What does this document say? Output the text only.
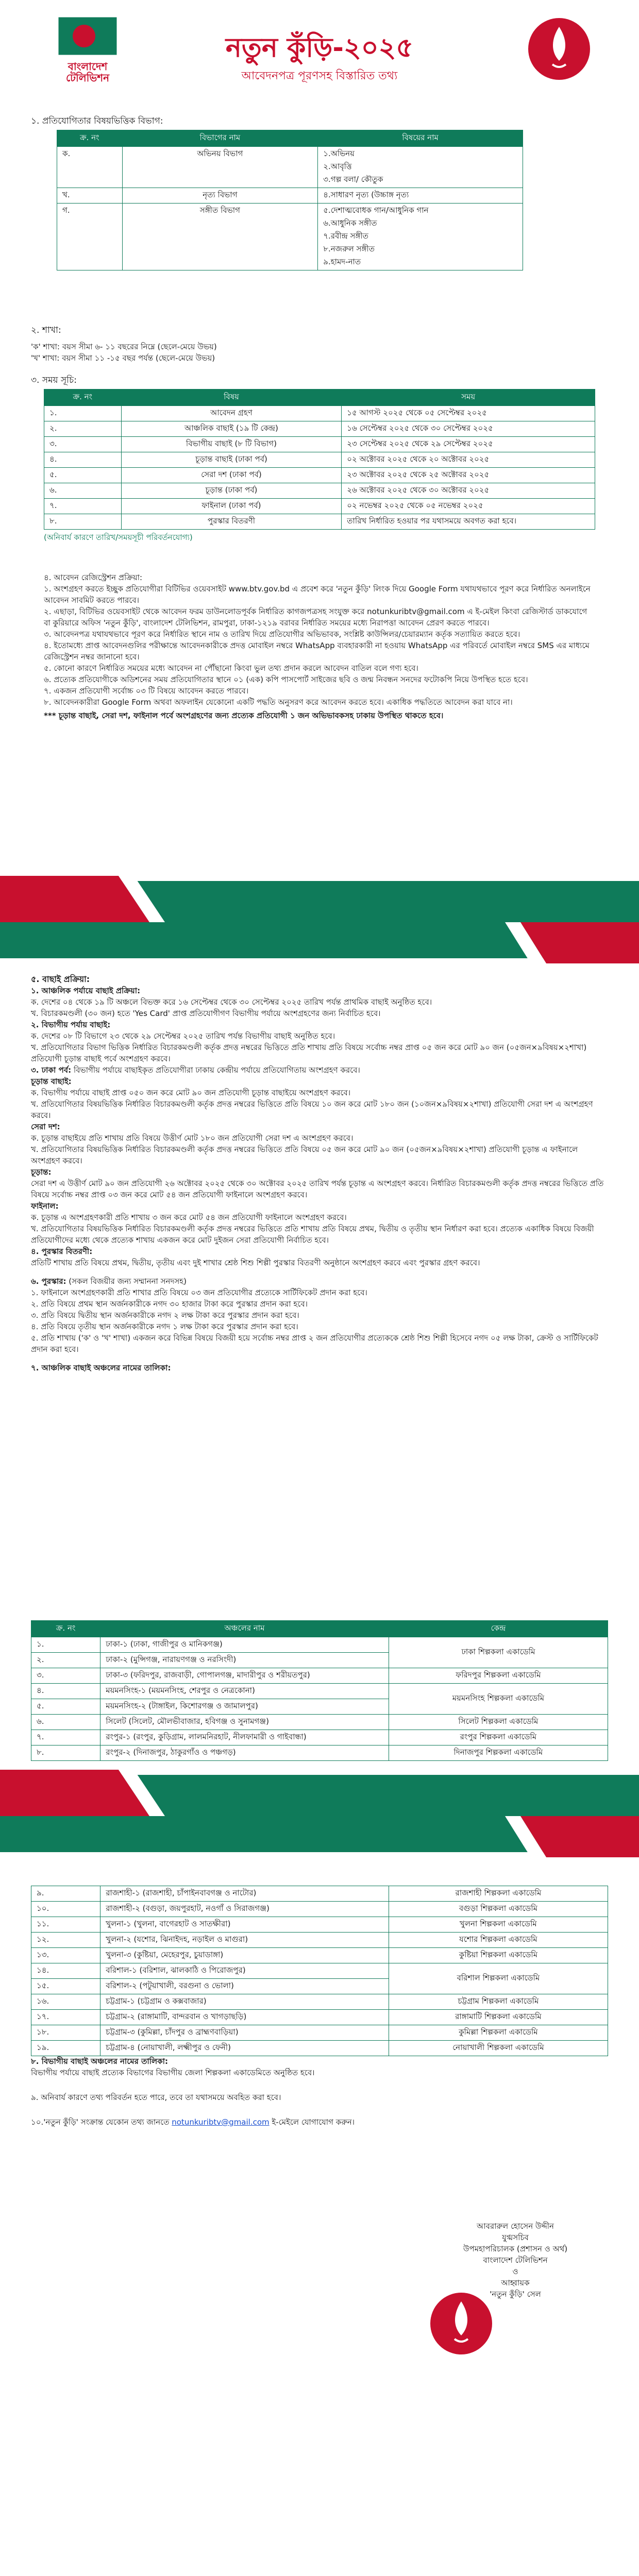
বাংলাদেশ টেলিভিশন
নতুন কুঁড়ি-২০২৫
আবেদনপত্র পূরণসহ বিস্তারিত তথ্য

১. প্রতিযোগিতার বিষয়ভিত্তিক বিভাগ:

ক্র. নং	বিভাগের নাম	বিষয়ের নাম
ক.	অভিনয় বিভাগ	১.অভিনয়
২.আবৃত্তি
৩.গল্প বলা/ কৌতুক

খ.	নৃত্য বিভাগ	৪.সাধারণ নৃত্য (উচ্চাঙ্গ নৃত্য
গ.	সঙ্গীত বিভাগ	৫.দেশাত্মবোধক গান/আধুনিক গান
৬.আধুনিক সঙ্গীত
৭.রবীন্দ্র সঙ্গীত
৮.নজরুল সঙ্গীত
৯.হামদ-নাত

২. শাখা:

'ক' শাখা: বয়স সীমা ৬- ১১ বছরের নিম্নে (ছেলে-মেয়ে উভয়)

'খ' শাখা: বয়স সীমা ১১ -১৫ বছর পর্যন্ত (ছেলে-মেয়ে উভয়)

৩. সময় সূচি:

ক্র. নং	বিষয়	সময়
১.	আবেদন গ্রহণ	১৫ আগস্ট ২০২৫ থেকে ০৫ সেপ্টেম্বর ২০২৫
২.	আঞ্চলিক বাছাই (১৯ টি কেন্দ্র)	১৬ সেপ্টেম্বর ২০২৫ থেকে ৩০ সেপ্টেম্বর ২০২৫
৩.	বিভাগীয় বাছাই (৮ টি বিভাগ)	২৩ সেপ্টেম্বর ২০২৫ থেকে ২৯ সেপ্টেম্বর ২০২৫
৪.	চূড়ান্ত বাছাই (ঢাকা পর্ব)	০২ অক্টোবর ২০২৫ থেকে ২০ অক্টোবর ২০২৫
৫.	সেরা দশ (ঢাকা পর্ব)	২৩ অক্টোবর ২০২৫ থেকে ২৫ অক্টোবর ২০২৫
৬.	চূড়ান্ত (ঢাকা পর্ব)	২৬ অক্টোবর ২০২৫ থেকে ৩০ অক্টোবর ২০২৫
৭.	ফাইনাল (ঢাকা পর্ব)	০২ নভেম্বর ২০২৫ থেকে ০৫ নভেম্বর ২০২৫
৮.	পুরস্কার বিতরণী	তারিখ নির্ধারিত হওয়ার পর যথাসময়ে অবগত করা হবে।

(অনিবার্য কারণে তারিখ/সময়সূচী পরিবর্তনযোগ্য)

৪. আবেদন রেজিস্ট্রেশন প্রক্রিয়া:
১. অংশগ্রহণ করতে ইচ্ছুক প্রতিযোগীরা বিটিভির ওয়েবসাইট www.btv.gov.bd এ প্রবেশ করে 'নতুন কুঁড়ি' লিংক দিয়ে Google Form যথাযথভাবে পূরণ করে নির্ধারিত অনলাইনে আবেদন সাবমিট করতে পারবে।
২. এছাড়া, বিটিভির ওয়েবসাইট থেকে আবেদন ফরম ডাউনলোডপূর্বক নির্ধারিত কাগজপত্রসহ সংযুক্ত করে notunkuribtv@gmail.com এ ই-মেইল কিংবা রেজিস্টার্ড ডাকযোগে বা কুরিয়ারে অফিস 'নতুন কুঁড়ি', বাংলাদেশ টেলিভিশন, রামপুরা, ঢাকা-১২১৯ বরাবর নির্ধারিত সময়ের মধ্যে নিরাপত্তা আবেদন প্রেরণ করতে পারবে।
৩. আবেদনপত্র যথাযথভাবে পূরণ করে নির্ধারিত স্থানে নাম ও তারিখ দিয়ে প্রতিযোগীর অভিভাবক, সংশ্লিষ্ট কাউন্সিলর/চেয়ারম্যান কর্তৃক সত্যায়িত করতে হবে।
৪. ইতোমধ্যে প্রাপ্ত আবেদনগুলির পরীক্ষান্তে আবেদনকারীকে প্রদত্ত মোবাইল নম্বরে WhatsApp ব্যবহারকারী না হওয়ায় WhatsApp এর পরিবর্তে মোবাইল নম্বরে SMS এর মাধ্যমে রেজিস্ট্রেশন নম্বর জানানো হবে।
৫. কোনো কারণে নির্ধারিত সময়ের মধ্যে আবেদন না পৌঁছানো কিংবা ভুল তথ্য প্রদান করলে আবেদন বাতিল বলে গণ্য হবে।
৬. প্রত্যেক প্রতিযোগীকে অডিশনের সময় প্রতিযোগিতার স্থানে ০১ (এক) কপি পাসপোর্ট সাইজের ছবি ও জন্ম নিবন্ধন সনদের ফটোকপি নিয়ে উপস্থিত হতে হবে।
৭. একজন প্রতিযোগী সর্বোচ্চ ০৩ টি বিষয়ে আবেদন করতে পারবে।
৮. আবেদনকারীরা Google Form অথবা অফলাইন যেকোনো একটি পদ্ধতি অনুসরণ করে আবেদন করতে হবে। একাধিক পদ্ধতিতে আবেদন করা যাবে না।
*** চূড়ান্ত বাছাই, সেরা দশ, ফাইনাল পর্বে অংশগ্রহণের জন্য প্রত্যেক প্রতিযোগী ১ জন অভিভাবকসহ ঢাকায় উপস্থিত থাকতে হবে।
৫. বাছাই প্রক্রিয়া:
১. আঞ্চলিক পর্যায়ে বাছাই প্রক্রিয়া:
ক. দেশের ০৪ থেকে ১৯ টি অঞ্চলে বিভক্ত করে ১৬ সেপ্টেম্বর থেকে ৩০ সেপ্টেম্বর ২০২৫ তারিখ পর্যন্ত প্রাথমিক বাছাই অনুষ্ঠিত হবে।
খ. বিচারকমণ্ডলী (৩০ জন) হতে 'Yes Card' প্রাপ্ত প্রতিযোগীগণ বিভাগীয় পর্যায়ে অংশগ্রহণের জন্য নির্বাচিত হবে।
২. বিভাগীয় পর্যায় বাছাই:
ক. দেশের ০৮ টি বিভাগে ২৩ থেকে ২৯ সেপ্টেম্বর ২০২৫ তারিখ পর্যন্ত বিভাগীয় বাছাই অনুষ্ঠিত হবে।
খ. প্রতিযোগিতার বিভাগ ভিত্তিক নির্ধারিত বিচারকমণ্ডলী কর্তৃক প্রদত্ত নম্বরের ভিত্তিতে প্রতি শাখায় প্রতি বিষয়ে সর্বোচ্চ নম্বর প্রাপ্ত ০৫ জন করে মোট ৯০ জন (০৫জন×৯বিষয়×২শাখা) প্রতিযোগী চূড়ান্ত বাছাই পর্বে অংশগ্রহণ করবে।
৩. ঢাকা পর্ব: বিভাগীয় পর্যায়ে বাছাইকৃত প্রতিযোগীরা ঢাকায় কেন্দ্রীয় পর্যায়ে প্রতিযোগিতায় অংশগ্রহণ করবে।
চূড়ান্ত বাছাই:
ক. বিভাগীয় পর্যায়ে বাছাই প্রাপ্ত ০৫০ জন করে মোট ৯০ জন প্রতিযোগী চূড়ান্ত বাছাইয়ে অংশগ্রহণ করবে।
খ. প্রতিযোগিতার বিষয়ভিত্তিক নির্ধারিত বিচারকমণ্ডলী কর্তৃক প্রদত্ত নম্বরের ভিত্তিতে প্রতি বিষয়ে ১০ জন করে মোট ১৮০ জন (১০জন×৯বিষয়×২শাখা) প্রতিযোগী সেরা দশ এ অংশগ্রহণ করবে।
সেরা দশ:
ক. চূড়ান্ত বাছাইয়ে প্রতি শাখায় প্রতি বিষয়ে উত্তীর্ণ মোট ১৮০ জন প্রতিযোগী সেরা দশ এ অংশগ্রহণ করবে।
খ. প্রতিযোগিতার বিষয়ভিত্তিক নির্ধারিত বিচারকমণ্ডলী কর্তৃক প্রদত্ত নম্বরের ভিত্তিতে প্রতি বিষয়ে ০৫ জন করে মোট ৯০ জন (০৫জন×৯বিষয়×২শাখা) প্রতিযোগী চূড়ান্ত এ ফাইনালে অংশগ্রহণ করবে।
চূড়ান্ত:
সেরা দশ এ উত্তীর্ণ মোট ৯০ জন প্রতিযোগী ২৬ অক্টোবর ২০২৫ থেকে ৩০ অক্টোবর ২০২৫ তারিখ পর্যন্ত চূড়ান্ত এ অংশগ্রহণ করবে। নির্ধারিত বিচারকমণ্ডলী কর্তৃক প্রদত্ত নম্বরের ভিত্তিতে প্রতি বিষয়ে সর্বোচ্চ নম্বর প্রাপ্ত ০৩ জন করে মোট ৫৪ জন প্রতিযোগী ফাইনালে অংশগ্রহণ করবে।
ফাইনাল:
ক. চূড়ান্ত এ অংশগ্রহণকারী প্রতি শাখায় ৩ জন করে মোট ৫৪ জন প্রতিযোগী ফাইনালে অংশগ্রহণ করবে।
খ. প্রতিযোগিতার বিষয়ভিত্তিক নির্ধারিত বিচারকমণ্ডলী কর্তৃক প্রদত্ত নম্বরের ভিত্তিতে প্রতি শাখায় প্রতি বিষয়ে প্রথম, দ্বিতীয় ও তৃতীয় স্থান নির্ধারণ করা হবে। প্রত্যেক একাধিক বিষয়ে বিজয়ী প্রতিযোগীদের মধ্যে থেকে প্রত্যেক শাখায় একজন করে মোট দুইজন সেরা প্রতিযোগী নির্বাচিত হবে।
৪. পুরস্কার বিতরণী:
প্রতিটি শাখায় প্রতি বিষয়ে প্রথম, দ্বিতীয়, তৃতীয় এবং দুই শাখার শ্রেষ্ঠ শিশু শিল্পী পুরস্কার বিতরণী অনুষ্ঠানে অংশগ্রহণ করবে এবং পুরস্কার গ্রহণ করবে।
৬. পুরস্কার: (সকল বিজয়ীর জন্য সম্মাননা সনদসহ)
১. ফাইনালে অংশগ্রহণকারী প্রতি শাখার প্রতি বিষয়ে ০৩ জন প্রতিযোগীর প্রত্যেকে সার্টিফিকেট প্রদান করা হবে।
২. প্রতি বিষয়ে প্রথম স্থান অর্জনকারীকে নগদ ৩০ হাজার টাকা করে পুরস্কার প্রদান করা হবে।
৩. প্রতি বিষয়ে দ্বিতীয় স্থান অর্জনকারীকে নগদ ২ লক্ষ টাকা করে পুরস্কার প্রদান করা হবে।
৪. প্রতি বিষয়ে তৃতীয় স্থান অর্জনকারীকে নগদ ১ লক্ষ টাকা করে পুরস্কার প্রদান করা হবে।
৫. প্রতি শাখায় ('ক' ও 'খ' শাখা) একজন করে বিভিন্ন বিষয়ে বিজয়ী হয়ে সর্বোচ্চ নম্বর প্রাপ্ত ২ জন প্রতিযোগীর প্রত্যেককে শ্রেষ্ঠ শিশু শিল্পী হিসেবে নগদ ০৫ লক্ষ টাকা, ক্রেস্ট ও সার্টিফিকেট প্রদান করা হবে।
৭. আঞ্চলিক বাছাই অঞ্চলের নামের তালিকা:
ক্র. নং	অঞ্চলের নাম	কেন্দ্র
১.	ঢাকা-১ (ঢাকা, গাজীপুর ও মানিকগঞ্জ)	ঢাকা শিল্পকলা একাডেমি
২.	ঢাকা-২ (মুন্সিগঞ্জ, নারায়ণগঞ্জ ও নরসিংদী)	
৩.	ঢাকা-৩ (ফরিদপুর, রাজবাড়ী, গোপালগঞ্জ, মাদারীপুর ও শরীয়তপুর)	ফরিদপুর শিল্পকলা একাডেমি
৪.	ময়মনসিংহ-১ (ময়মনসিংহ, শেরপুর ও নেত্রকোনা)	ময়মনসিংহ শিল্পকলা একাডেমি
৫.	ময়মনসিংহ-২ (টাঙ্গাইল, কিশোরগঞ্জ ও জামালপুর)	
৬.	সিলেট (সিলেট, মৌলভীবাজার, হবিগঞ্জ ও সুনামগঞ্জ)	সিলেট শিল্পকলা একাডেমি
৭.	রংপুর-১ (রংপুর, কুড়িগ্রাম, লালমনিরহাট, নীলফামারী ও গাইবান্ধা)	রংপুর শিল্পকলা একাডেমি
৮.	রংপুর-২ (দিনাজপুর, ঠাকুরগাঁও ও পঞ্চগড়)	দিনাজপুর শিল্পকলা একাডেমি
৯.	রাজশাহী-১ (রাজশাহী, চাঁপাইনবাবগঞ্জ ও নাটোর)	রাজশাহী শিল্পকলা একাডেমি
১০.	রাজশাহী-২ (বগুড়া, জয়পুরহাট, নওগাঁ ও সিরাজগঞ্জ)	বগুড়া শিল্পকলা একাডেমি
১১.	খুলনা-১ (খুলনা, বাগেরহাট ও সাতক্ষীরা)	খুলনা শিল্পকলা একাডেমি
১২.	খুলনা-২ (যশোর, ঝিনাইদহ, নড়াইল ও মাগুরা)	যশোর শিল্পকলা একাডেমি
১৩.	খুলনা-৩ (কুষ্টিয়া, মেহেরপুর, চুয়াডাঙ্গা)	কুষ্টিয়া শিল্পকলা একাডেমি
১৪.	বরিশাল-১ (বরিশাল, ঝালকাঠি ও পিরোজপুর)	বরিশাল শিল্পকলা একাডেমি
১৫.	বরিশাল-২ (পটুয়াখালী, বরগুনা ও ভোলা)	
১৬.	চট্টগ্রাম-১ (চট্টগ্রাম ও কক্সবাজার)	চট্টগ্রাম শিল্পকলা একাডেমি
১৭.	চট্টগ্রাম-২ (রাঙ্গামাটি, বান্দরবান ও খাগড়াছড়ি)	রাঙ্গামাটি শিল্পকলা একাডেমি
১৮.	চট্টগ্রাম-৩ (কুমিল্লা, চাঁদপুর ও ব্রাহ্মণবাড়িয়া)	কুমিল্লা শিল্পকলা একাডেমি
১৯.	চট্টগ্রাম-৪ (নোয়াখালী, লক্ষ্মীপুর ও ফেনী)	নোয়াখালী শিল্পকলা একাডেমি
৮. বিভাগীয় বাছাই অঞ্চলের নামের তালিকা:
বিভাগীয় পর্যায়ে বাছাই প্রত্যেক বিভাগের বিভাগীয় জেলা শিল্পকলা একাডেমিতে অনুষ্ঠিত হবে।
৯. অনিবার্য কারণে তথ্য পরিবর্তন হতে পারে, তবে তা যথাসময়ে অবহিত করা হবে।
১০.'নতুন কুঁড়ি' সংক্রান্ত যেকোন তথ্য জানতে notunkuribtv@gmail.com ই-মেইলে যোগাযোগ করুন।
আবরারুল হোসেন উদ্দীন
যুগ্মসচিব
উপমহাপরিচালক (প্রশাসন ও অর্থ)
বাংলাদেশ টেলিভিশন
ও
আহ্বায়ক
'নতুন কুঁড়ি' সেল
